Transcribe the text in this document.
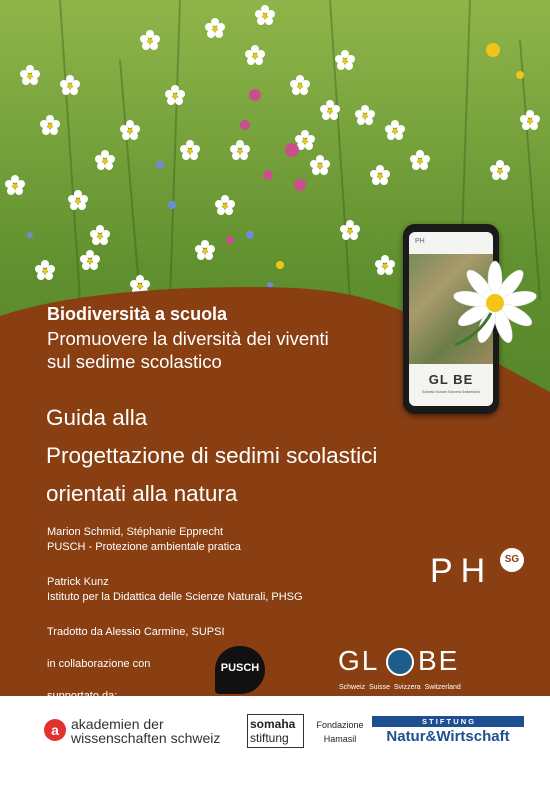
PH
GL BE
Schweiz Suisse Svizzera Switzerland
Biodiversità a scuola
Promuovere la diversità dei viventi
sul sedime scolastico
Guida alla
Progettazione di sedimi scolastici
orientati alla natura
Marion Schmid, Stéphanie Epprecht
PUSCH - Protezione ambientale pratica
Patrick Kunz
Istituto per la Didattica delle Scienze Naturali, PHSG
Tradotto da Alessio Carmine, SUPSI
in collaborazione con
supportato da:
PH	SG
PUSCH	GL BE
Schweiz  Suisse  Svizzera  Switzerland
a akademien der
wissenschaften schweiz
somaha
stiftung
Fondazione
Hamasil
S T I F T U N G
Natur&Wirtschaft
